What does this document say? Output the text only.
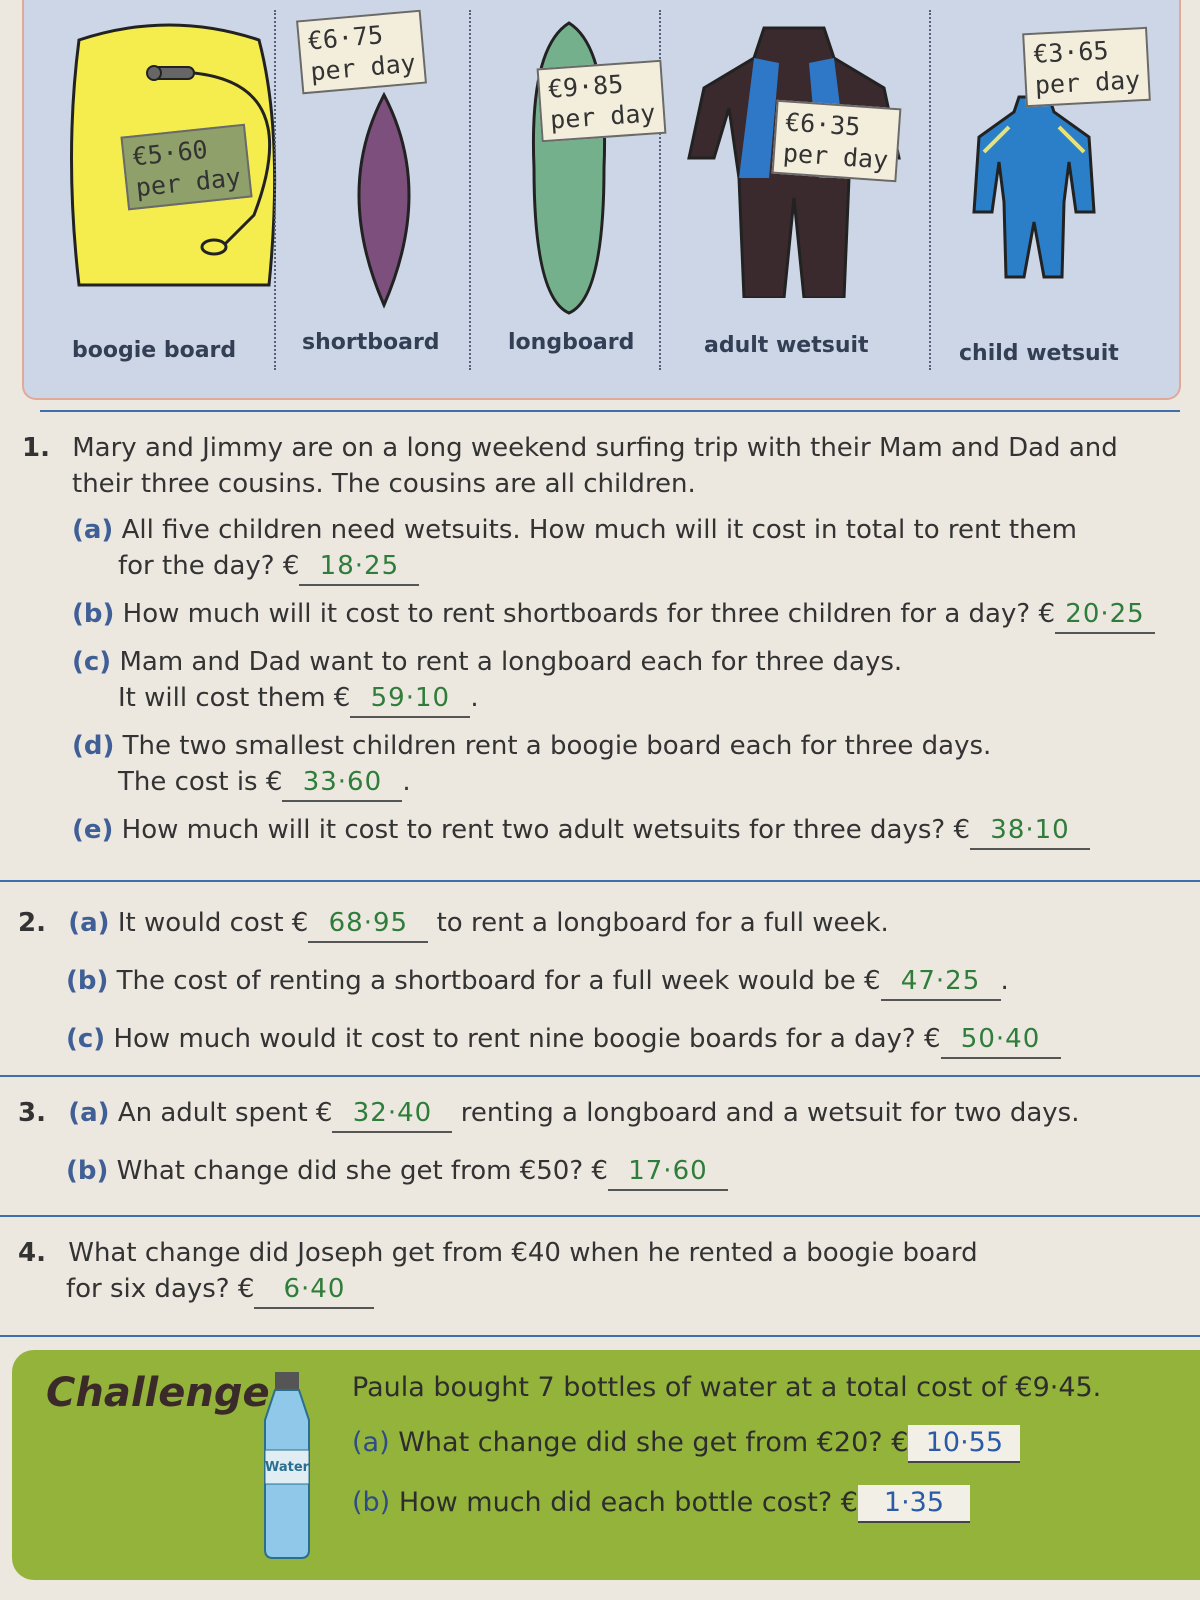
€5·60
per day
€6·75
per day
€9·85
per day	€6·35
per day
€3·65
per day
boogie board	shortboard	longboard	adult wetsuit	child wetsuit
1. Mary and Jimmy are on a long weekend surfing trip with their Mam and Dad and
their three cousins. The cousins are all children.
(a) All five children need wetsuits. How much will it cost in total to rent them
for the day? € 18·25
(b) How much will it cost to rent shortboards for three children for a day? € 20·25
(c) Mam and Dad want to rent a longboard each for three days.
It will cost them € 59·10 .
(d) The two smallest children rent a boogie board each for three days.
The cost is € 33·60 .
(e) How much will it cost to rent two adult wetsuits for three days? € 38·10
2. (a) It would cost € 68·95 to rent a longboard for a full week.
(b) The cost of renting a shortboard for a full week would be € 47·25 .
(c) How much would it cost to rent nine boogie boards for a day? € 50·40
3. (a) An adult spent € 32·40 renting a longboard and a wetsuit for two days.
(b) What change did she get from €50? € 17·60
4. What change did Joseph get from €40 when he rented a boogie board
for six days? € 6·40
Challenge
Water
Paula bought 7 bottles of water at a total cost of €9·45.
(a) What change did she get from €20? € 10·55
(b) How much did each bottle cost? € 1·35
